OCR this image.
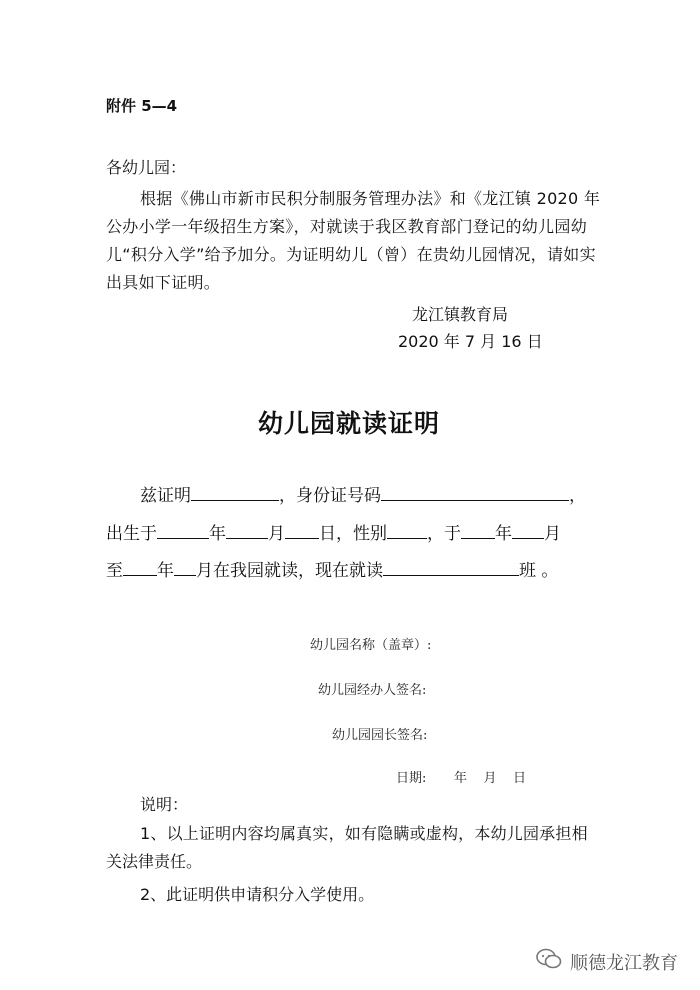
附件 5—4
各幼儿园：
根据《佛山市新市民积分制服务管理办法》和《龙江镇 2020 年
公办小学一年级招生方案》，对就读于我区教育部门登记的幼儿园幼
儿“积分入学”给予加分。为证明幼儿（曾）在贵幼儿园情况，请如实
出具如下证明。
龙江镇教育局
2020 年 7 月 16 日
幼儿园就读证明
兹证明	，身份证号码	，
出生于	年 月 日，性别 ，于 年 月
至 年 月在我园就读，现在就读	班 。
幼儿园名称（盖章）:
幼儿园经办人签名:
幼儿园园长签名:
日期: 年    月    日
说明：
1、以上证明内容均属真实，如有隐瞒或虚构，本幼儿园承担相
关法律责任。
2、此证明供申请积分入学使用。
顺德龙江教育
